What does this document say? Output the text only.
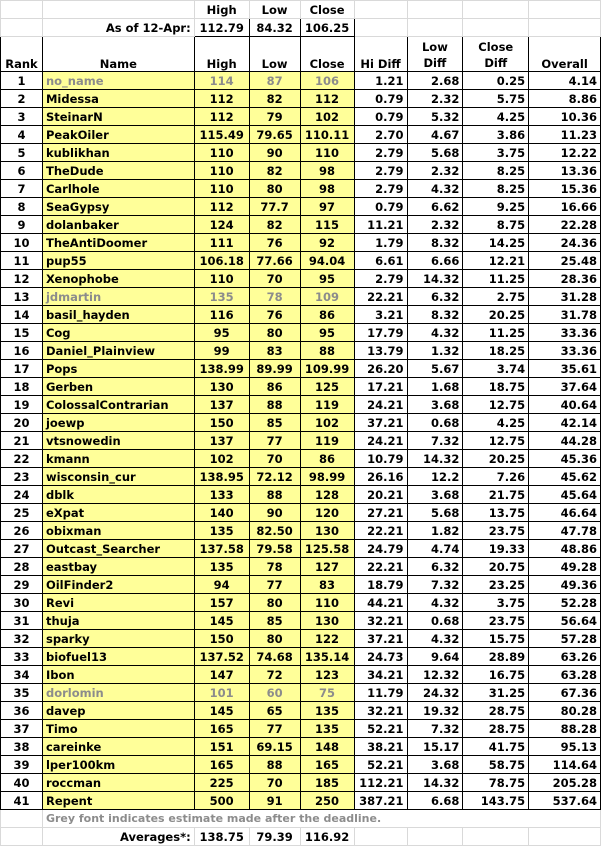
		High	Low	Close				
	As of 12-Apr:	112.79	84.32	106.25				
Rank	Name	High	Low	Close	Hi Diff	Low Diff	Close Diff	Overall
1	no_name	114	87	106	1.21	2.68	0.25	4.14
2	Midessa	112	82	112	0.79	2.32	5.75	8.86
3	SteinarN	112	79	102	0.79	5.32	4.25	10.36
4	PeakOiler	115.49	79.65	110.11	2.70	4.67	3.86	11.23
5	kublikhan	110	90	110	2.79	5.68	3.75	12.22
6	TheDude	110	82	98	2.79	2.32	8.25	13.36
7	Carlhole	110	80	98	2.79	4.32	8.25	15.36
8	SeaGypsy	112	77.7	97	0.79	6.62	9.25	16.66
9	dolanbaker	124	82	115	11.21	2.32	8.75	22.28
10	TheAntiDoomer	111	76	92	1.79	8.32	14.25	24.36
11	pup55	106.18	77.66	94.04	6.61	6.66	12.21	25.48
12	Xenophobe	110	70	95	2.79	14.32	11.25	28.36
13	jdmartin	135	78	109	22.21	6.32	2.75	31.28
14	basil_hayden	116	76	86	3.21	8.32	20.25	31.78
15	Cog	95	80	95	17.79	4.32	11.25	33.36
16	Daniel_Plainview	99	83	88	13.79	1.32	18.25	33.36
17	Pops	138.99	89.99	109.99	26.20	5.67	3.74	35.61
18	Gerben	130	86	125	17.21	1.68	18.75	37.64
19	ColossalContrarian	137	88	119	24.21	3.68	12.75	40.64
20	joewp	150	85	102	37.21	0.68	4.25	42.14
21	vtsnowedin	137	77	119	24.21	7.32	12.75	44.28
22	kmann	102	70	86	10.79	14.32	20.25	45.36
23	wisconsin_cur	138.95	72.12	98.99	26.16	12.2	7.26	45.62
24	dblk	133	88	128	20.21	3.68	21.75	45.64
25	eXpat	140	90	120	27.21	5.68	13.75	46.64
26	obixman	135	82.50	130	22.21	1.82	23.75	47.78
27	Outcast_Searcher	137.58	79.58	125.58	24.79	4.74	19.33	48.86
28	eastbay	135	78	127	22.21	6.32	20.75	49.28
29	OilFinder2	94	77	83	18.79	7.32	23.25	49.36
30	Revi	157	80	110	44.21	4.32	3.75	52.28
31	thuja	145	85	130	32.21	0.68	23.75	56.64
32	sparky	150	80	122	37.21	4.32	15.75	57.28
33	biofuel13	137.52	74.68	135.14	24.73	9.64	28.89	63.26
34	Ibon	147	72	123	34.21	12.32	16.75	63.28
35	dorlomin	101	60	75	11.79	24.32	31.25	67.36
36	davep	145	65	135	32.21	19.32	28.75	80.28
37	Timo	165	77	135	52.21	7.32	28.75	88.28
38	careinke	151	69.15	148	38.21	15.17	41.75	95.13
39	lper100km	165	88	165	52.21	3.68	58.75	114.64
40	roccman	225	70	185	112.21	14.32	78.75	205.28
41	Repent	500	91	250	387.21	6.68	143.75	537.64
	Grey font indicates estimate made after the deadline.							
	Averages*:	138.75	79.39	116.92				
